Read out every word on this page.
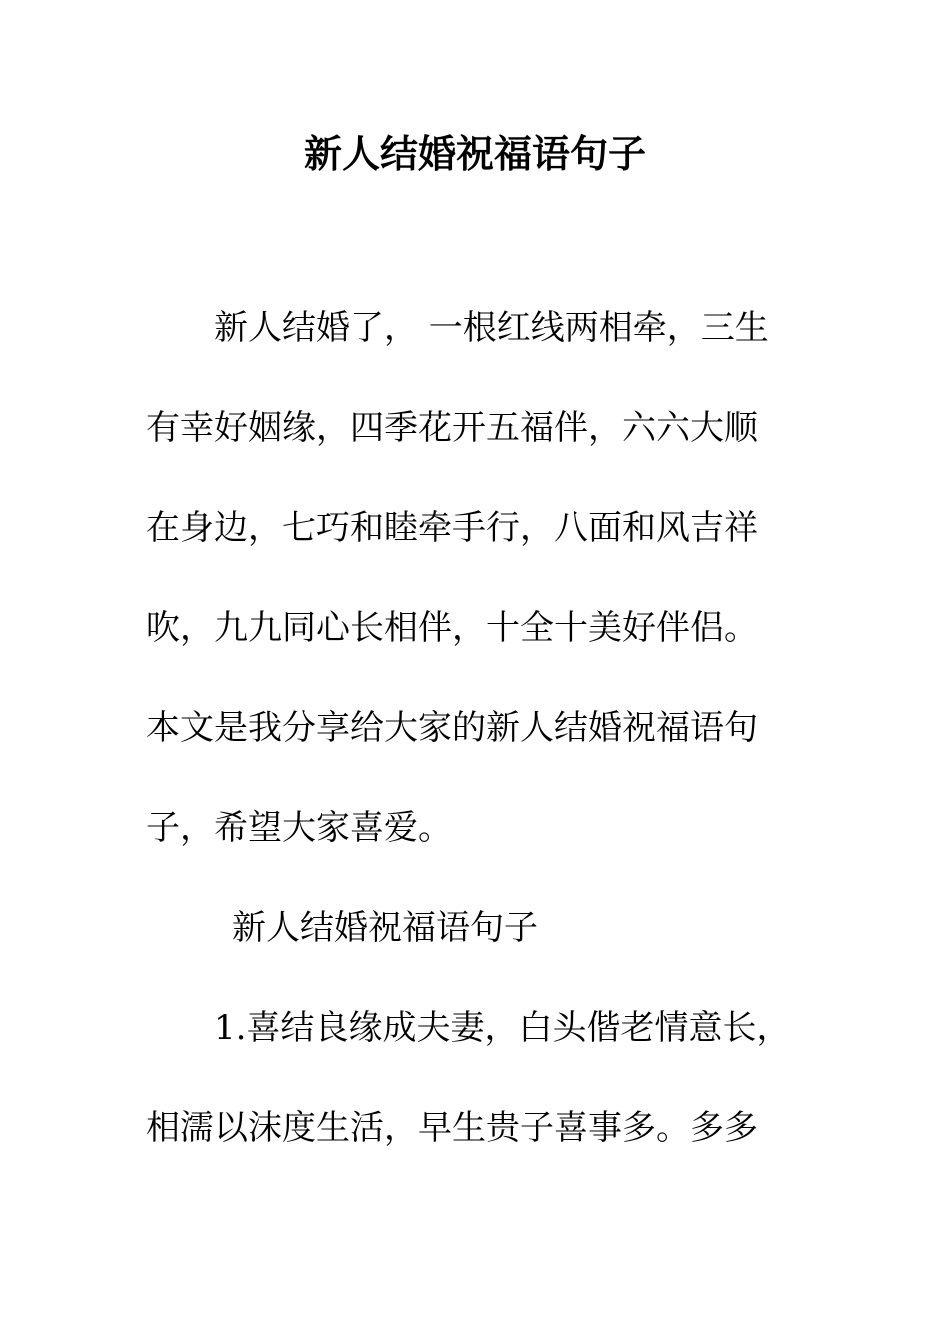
新人结婚祝福语句子
新人结婚了， 一根红线两相牵，三生
有幸好姻缘，四季花开五福伴，六六大顺
在身边，七巧和睦牵手行，八面和风吉祥
吹，九九同心长相伴，十全十美好伴侣。
本文是我分享给大家的新人结婚祝福语句
子，希望大家喜爱。
新人结婚祝福语句子
1.喜结良缘成夫妻，白头偕老情意长，
相濡以沫度生活，早生贵子喜事多。多多
